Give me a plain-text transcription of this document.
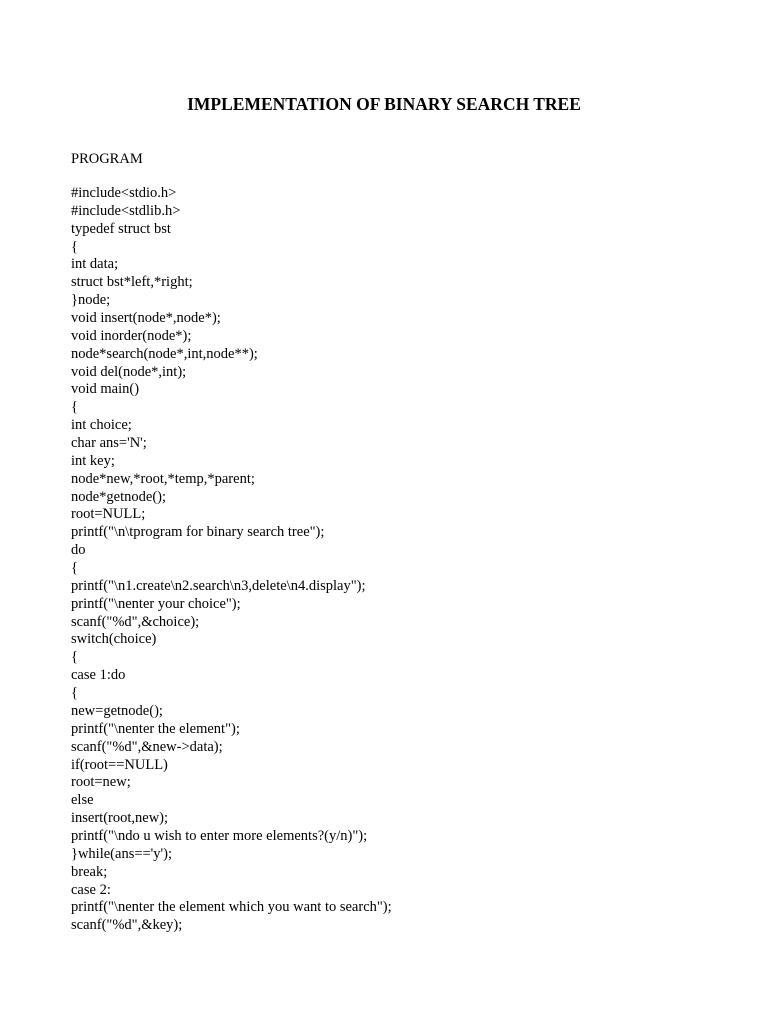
IMPLEMENTATION OF BINARY SEARCH TREE
PROGRAM
#include<stdio.h>
#include<stdlib.h>
typedef struct bst
{
int data;
struct bst*left,*right;
}node;
void insert(node*,node*);
void inorder(node*);
node*search(node*,int,node**);
void del(node*,int);
void main()
{
int choice;
char ans='N';
int key;
node*new,*root,*temp,*parent;
node*getnode();
root=NULL;
printf("\n\tprogram for binary search tree");
do
{
printf("\n1.create\n2.search\n3,delete\n4.display");
printf("\nenter your choice");
scanf("%d",&choice);
switch(choice)
{
case 1:do
{
new=getnode();
printf("\nenter the element");
scanf("%d",&new->data);
if(root==NULL)
root=new;
else
insert(root,new);
printf("\ndo u wish to enter more elements?(y/n)");
}while(ans=='y');
break;
case 2:
printf("\nenter the element which you want to search");
scanf("%d",&key);
